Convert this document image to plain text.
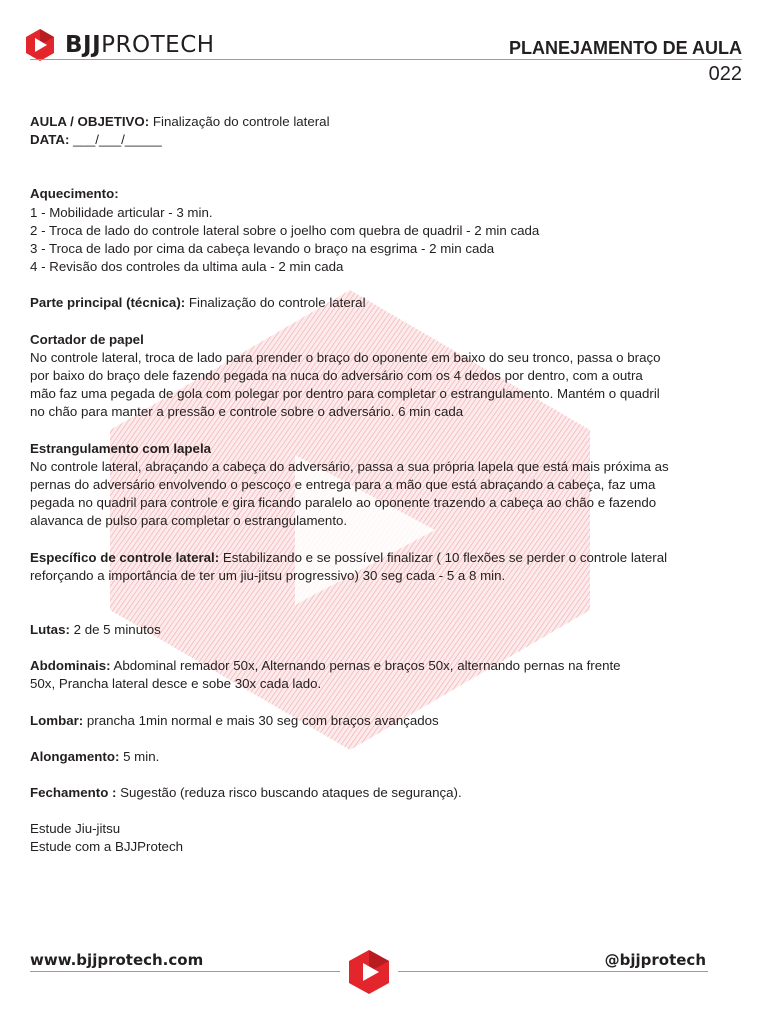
BJJPROTECH	PLANEJAMENTO DE AULA
022

AULA / OBJETIVO: Finalização do controle lateral

DATA: ___/___/_____

Aquecimento:

1 - Mobilidade articular - 3 min.

2 - Troca de lado do controle lateral sobre o joelho com quebra de quadril - 2 min cada

3 - Troca de lado por cima da cabeça levando o braço na esgrima - 2 min cada

4 - Revisão dos controles da ultima aula - 2 min cada

Parte principal (técnica): Finalização do controle lateral

Cortador de papel

No controle lateral, troca de lado para prender o braço do oponente em baixo do seu tronco, passa o braço

por baixo do braço dele fazendo pegada na nuca do adversário com os 4 dedos por dentro, com a outra

mão faz uma pegada de gola com polegar por dentro para completar o estrangulamento. Mantém o quadril

no chão para manter a pressão e controle sobre o adversário. 6 min cada

Estrangulamento com lapela

No controle lateral, abraçando a cabeça do adversário, passa a sua própria lapela que está mais próxima as

pernas do adversário envolvendo o pescoço e entrega para a mão que está abraçando a cabeça, faz uma

pegada no quadril para controle e gira ficando paralelo ao oponente trazendo a cabeça ao chão e fazendo

alavanca de pulso para completar o estrangulamento.

Específico de controle lateral: Estabilizando e se possível finalizar ( 10 flexões se perder o controle lateral

reforçando a importância de ter um jiu-jitsu progressivo) 30 seg cada - 5 a 8 min.

Lutas: 2 de 5 minutos

Abdominais: Abdominal remador 50x, Alternando pernas e braços 50x, alternando pernas na frente

50x, Prancha lateral desce e sobe 30x cada lado.

Lombar: prancha 1min normal e mais 30 seg com braços avançados

Alongamento: 5 min.

Fechamento : Sugestão (reduza risco buscando ataques de segurança).

Estude Jiu-jitsu

Estude com a BJJProtech

www.bjjprotech.com	@bjjprotech
